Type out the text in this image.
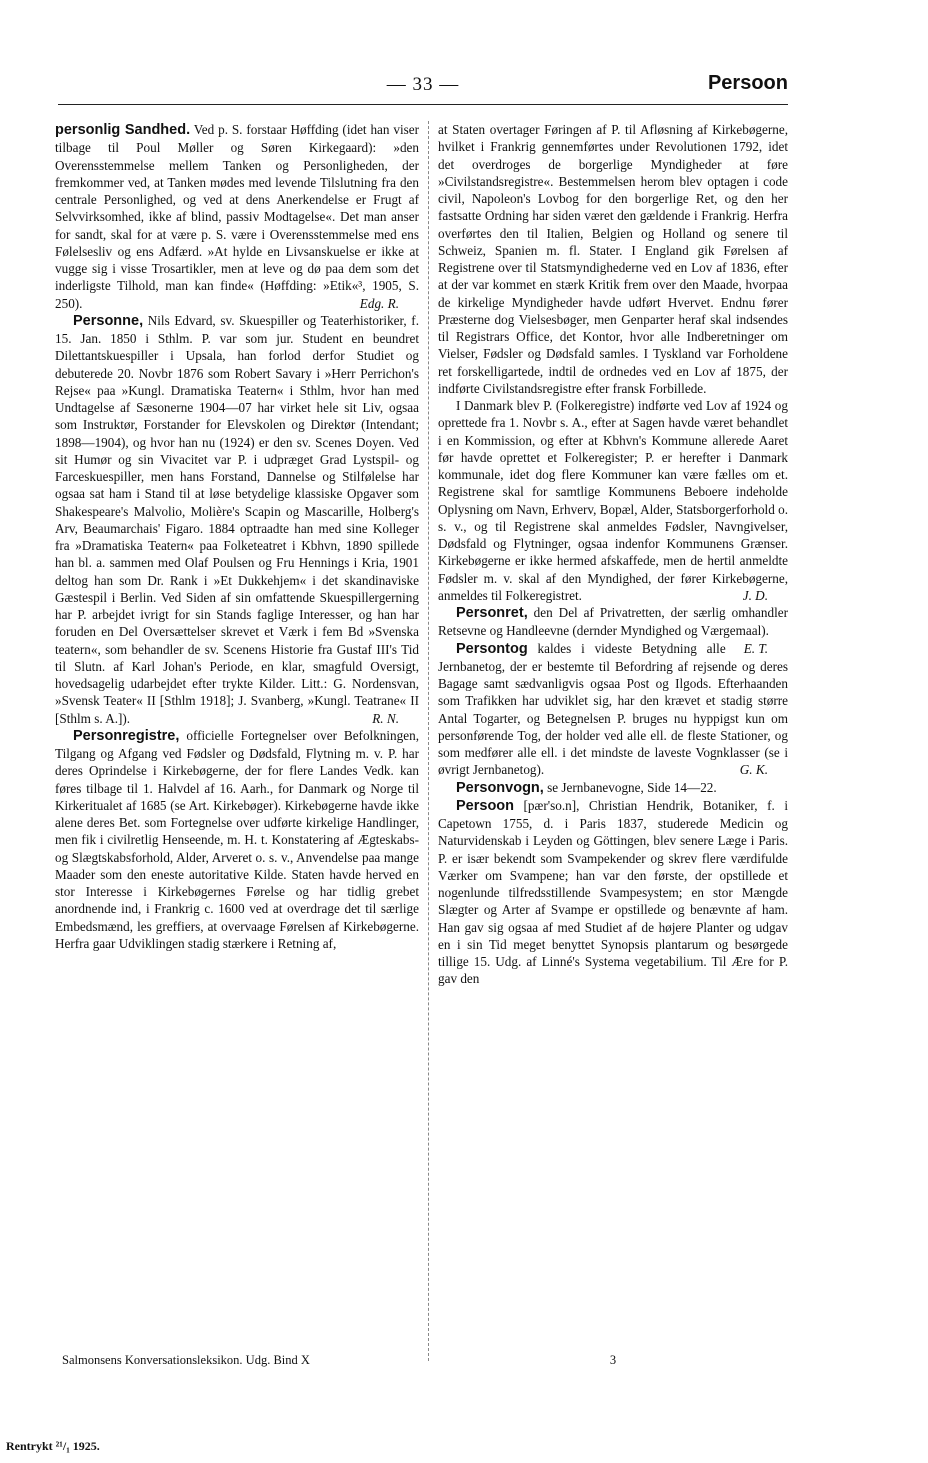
— 33 —	Persoon

personlig Sandhed. Ved p. S. forstaar Høffding (idet han viser tilbage til Poul Møller og Søren Kirkegaard): »den Overensstemmelse mellem Tanken og Personligheden, der fremkommer ved, at Tanken mødes med levende Tilslutning fra den centrale Personlighed, og ved at dens Anerkendelse er Frugt af Selvvirksomhed, ikke af blind, passiv Modtagelse«. Det man anser for sandt, skal for at være p. S. være i Overensstemmelse med ens Følelsesliv og ens Adfærd. »At hylde en Livsanskuelse er ikke at vugge sig i visse Trosartikler, men at leve og dø paa dem som det inderligste Tilhold, man kan finde« (Høffding: »Etik«³, 1905, S. 250).	Edg. R.

Personne, Nils Edvard, sv. Skuespiller og Teaterhistoriker, f. 15. Jan. 1850 i Sthlm. P. var som jur. Student en beundret Dilettantskuespiller i Upsala, han forlod derfor Studiet og debuterede 20. Novbr 1876 som Robert Savary i »Herr Perrichon's Rejse« paa »Kungl. Dramatiska Teatern« i Sthlm, hvor han med Undtagelse af Sæsonerne 1904—07 har virket hele sit Liv, ogsaa som Instruktør, Forstander for Elevskolen og Direktør (Intendant; 1898—1904), og hvor han nu (1924) er den sv. Scenes Doyen. Ved sit Humør og sin Vivacitet var P. i udpræget Grad Lystspil- og Farceskuespiller, men hans Forstand, Dannelse og Stilfølelse har ogsaa sat ham i Stand til at løse betydelige klassiske Opgaver som Shakespeare's Malvolio, Molière's Scapin og Mascarille, Holberg's Arv, Beaumarchais' Figaro. 1884 optraadte han med sine Kolleger fra »Dramatiska Teatern« paa Folketeatret i Kbhvn, 1890 spillede han bl. a. sammen med Olaf Poulsen og Fru Hennings i Kria, 1901 deltog han som Dr. Rank i »Et Dukkehjem« i det skandinaviske Gæstespil i Berlin. Ved Siden af sin omfattende Skuespillergerning har P. arbejdet ivrigt for sin Stands faglige Interesser, og han har foruden en Del Oversættelser skrevet et Værk i fem Bd »Svenska teatern«, som behandler de sv. Scenens Historie fra Gustaf III's Tid til Slutn. af Karl Johan's Periode, en klar, smagfuld Oversigt, hovedsagelig udarbejdet efter trykte Kilder. Litt.: G. Nordensvan, »Svensk Teater« II [Sthlm 1918]; J. Svanberg, »Kungl. Teatrane« II [Sthlm s. A.]).	R. N.

Personregistre, officielle Fortegnelser over Befolkningen, Tilgang og Afgang ved Fødsler og Dødsfald, Flytning m. v. P. har deres Oprindelse i Kirkebøgerne, der for flere Landes Vedk. kan føres tilbage til 1. Halvdel af 16. Aarh., for Danmark og Norge til Kirkeritualet af 1685 (se Art. Kirkebøger). Kirkebøgerne havde ikke alene deres Bet. som Fortegnelse over udførte kirkelige Handlinger, men fik i civilretlig Henseende, m. H. t. Konstatering af Ægteskabs- og Slægtskabsforhold, Alder, Arveret o. s. v., Anvendelse paa mange Maader som den eneste autoritative Kilde. Staten havde herved en stor Interesse i Kirkebøgernes Førelse og har tidlig grebet anordnende ind, i Frankrig c. 1600 ved at overdrage det til særlige Embedsmænd, les greffiers, at overvaage Førelsen af Kirkebøgerne. Herfra gaar Udviklingen stadig stærkere i Retning af,

at Staten overtager Føringen af P. til Afløsning af Kirkebøgerne, hvilket i Frankrig gennemførtes under Revolutionen 1792, idet det overdroges de borgerlige Myndigheder at føre »Civilstandsregistre«. Bestemmelsen herom blev optagen i code civil, Napoleon's Lovbog for den borgerlige Ret, og den her fastsatte Ordning har siden været den gældende i Frankrig. Herfra overførtes den til Italien, Belgien og Holland og senere til Schweiz, Spanien m. fl. Stater. I England gik Førelsen af Registrene over til Statsmyndighederne ved en Lov af 1836, efter at der var kommet en stærk Kritik frem over den Maade, hvorpaa de kirkelige Myndigheder havde udført Hvervet. Endnu fører Præsterne dog Vielsesbøger, men Genparter heraf skal indsendes til Registrars Office, det Kontor, hvor alle Indberetninger om Vielser, Fødsler og Dødsfald samles. I Tyskland var Forholdene ret forskelligartede, indtil de ordnedes ved en Lov af 1875, der indførte Civilstandsregistre efter fransk Forbillede.

I Danmark blev P. (Folkeregistre) indførte ved Lov af 1924 og oprettede fra 1. Novbr s. A., efter at Sagen havde været behandlet i en Kommission, og efter at Kbhvn's Kommune allerede Aaret før havde oprettet et Folkeregister; P. er herefter i Danmark kommunale, idet dog flere Kommuner kan være fælles om et. Registrene skal for samtlige Kommunens Beboere indeholde Oplysning om Navn, Erhverv, Bopæl, Alder, Statsborgerforhold o. s. v., og til Registrene skal anmeldes Fødsler, Navngivelser, Dødsfald og Flytninger, ogsaa indenfor Kommunens Grænser. Kirkebøgerne er ikke hermed afskaffede, men de hertil anmeldte Fødsler m. v. skal af den Myndighed, der fører Kirkebøgerne, anmeldes til Folkeregistret.	J. D.

Personret, den Del af Privatretten, der særlig omhandler Retsevne og Handleevne (dernder Myndighed og Værgemaal).
E. T.

Persontog kaldes i videste Betydning alle Jernbanetog, der er bestemte til Befordring af rejsende og deres Bagage samt sædvanligvis ogsaa Post og Ilgods. Efterhaanden som Trafikken har udviklet sig, har den krævet et stadig større Antal Togarter, og Betegnelsen P. bruges nu hyppigst kun om personførende Tog, der holder ved alle ell. de fleste Stationer, og som medfører alle ell. i det mindste de laveste Vognklasser (se i øvrigt Jernbanetog).	G. K.

Personvogn, se Jernbanevogne, Side 14—22.

Persoon [pær'so.n], Christian Hendrik, Botaniker, f. i Capetown 1755, d. i Paris 1837, studerede Medicin og Naturvidenskab i Leyden og Göttingen, blev senere Læge i Paris. P. er især bekendt som Svampekender og skrev flere værdifulde Værker om Svampene; han var den første, der opstillede et nogenlunde tilfredsstillende Svampesystem; en stor Mængde Slægter og Arter af Svampe er opstillede og benævnte af ham. Han gav sig ogsaa af med Studiet af de højere Planter og udgav en i sin Tid meget benyttet Synopsis plantarum og besørgede tillige 15. Udg. af Linné's Systema vegetabilium. Til Ære for P. gav den

Salmonsens Konversationsleksikon. Udg. Bind X	3
Rentrykt ²¹/₁ 1925.
